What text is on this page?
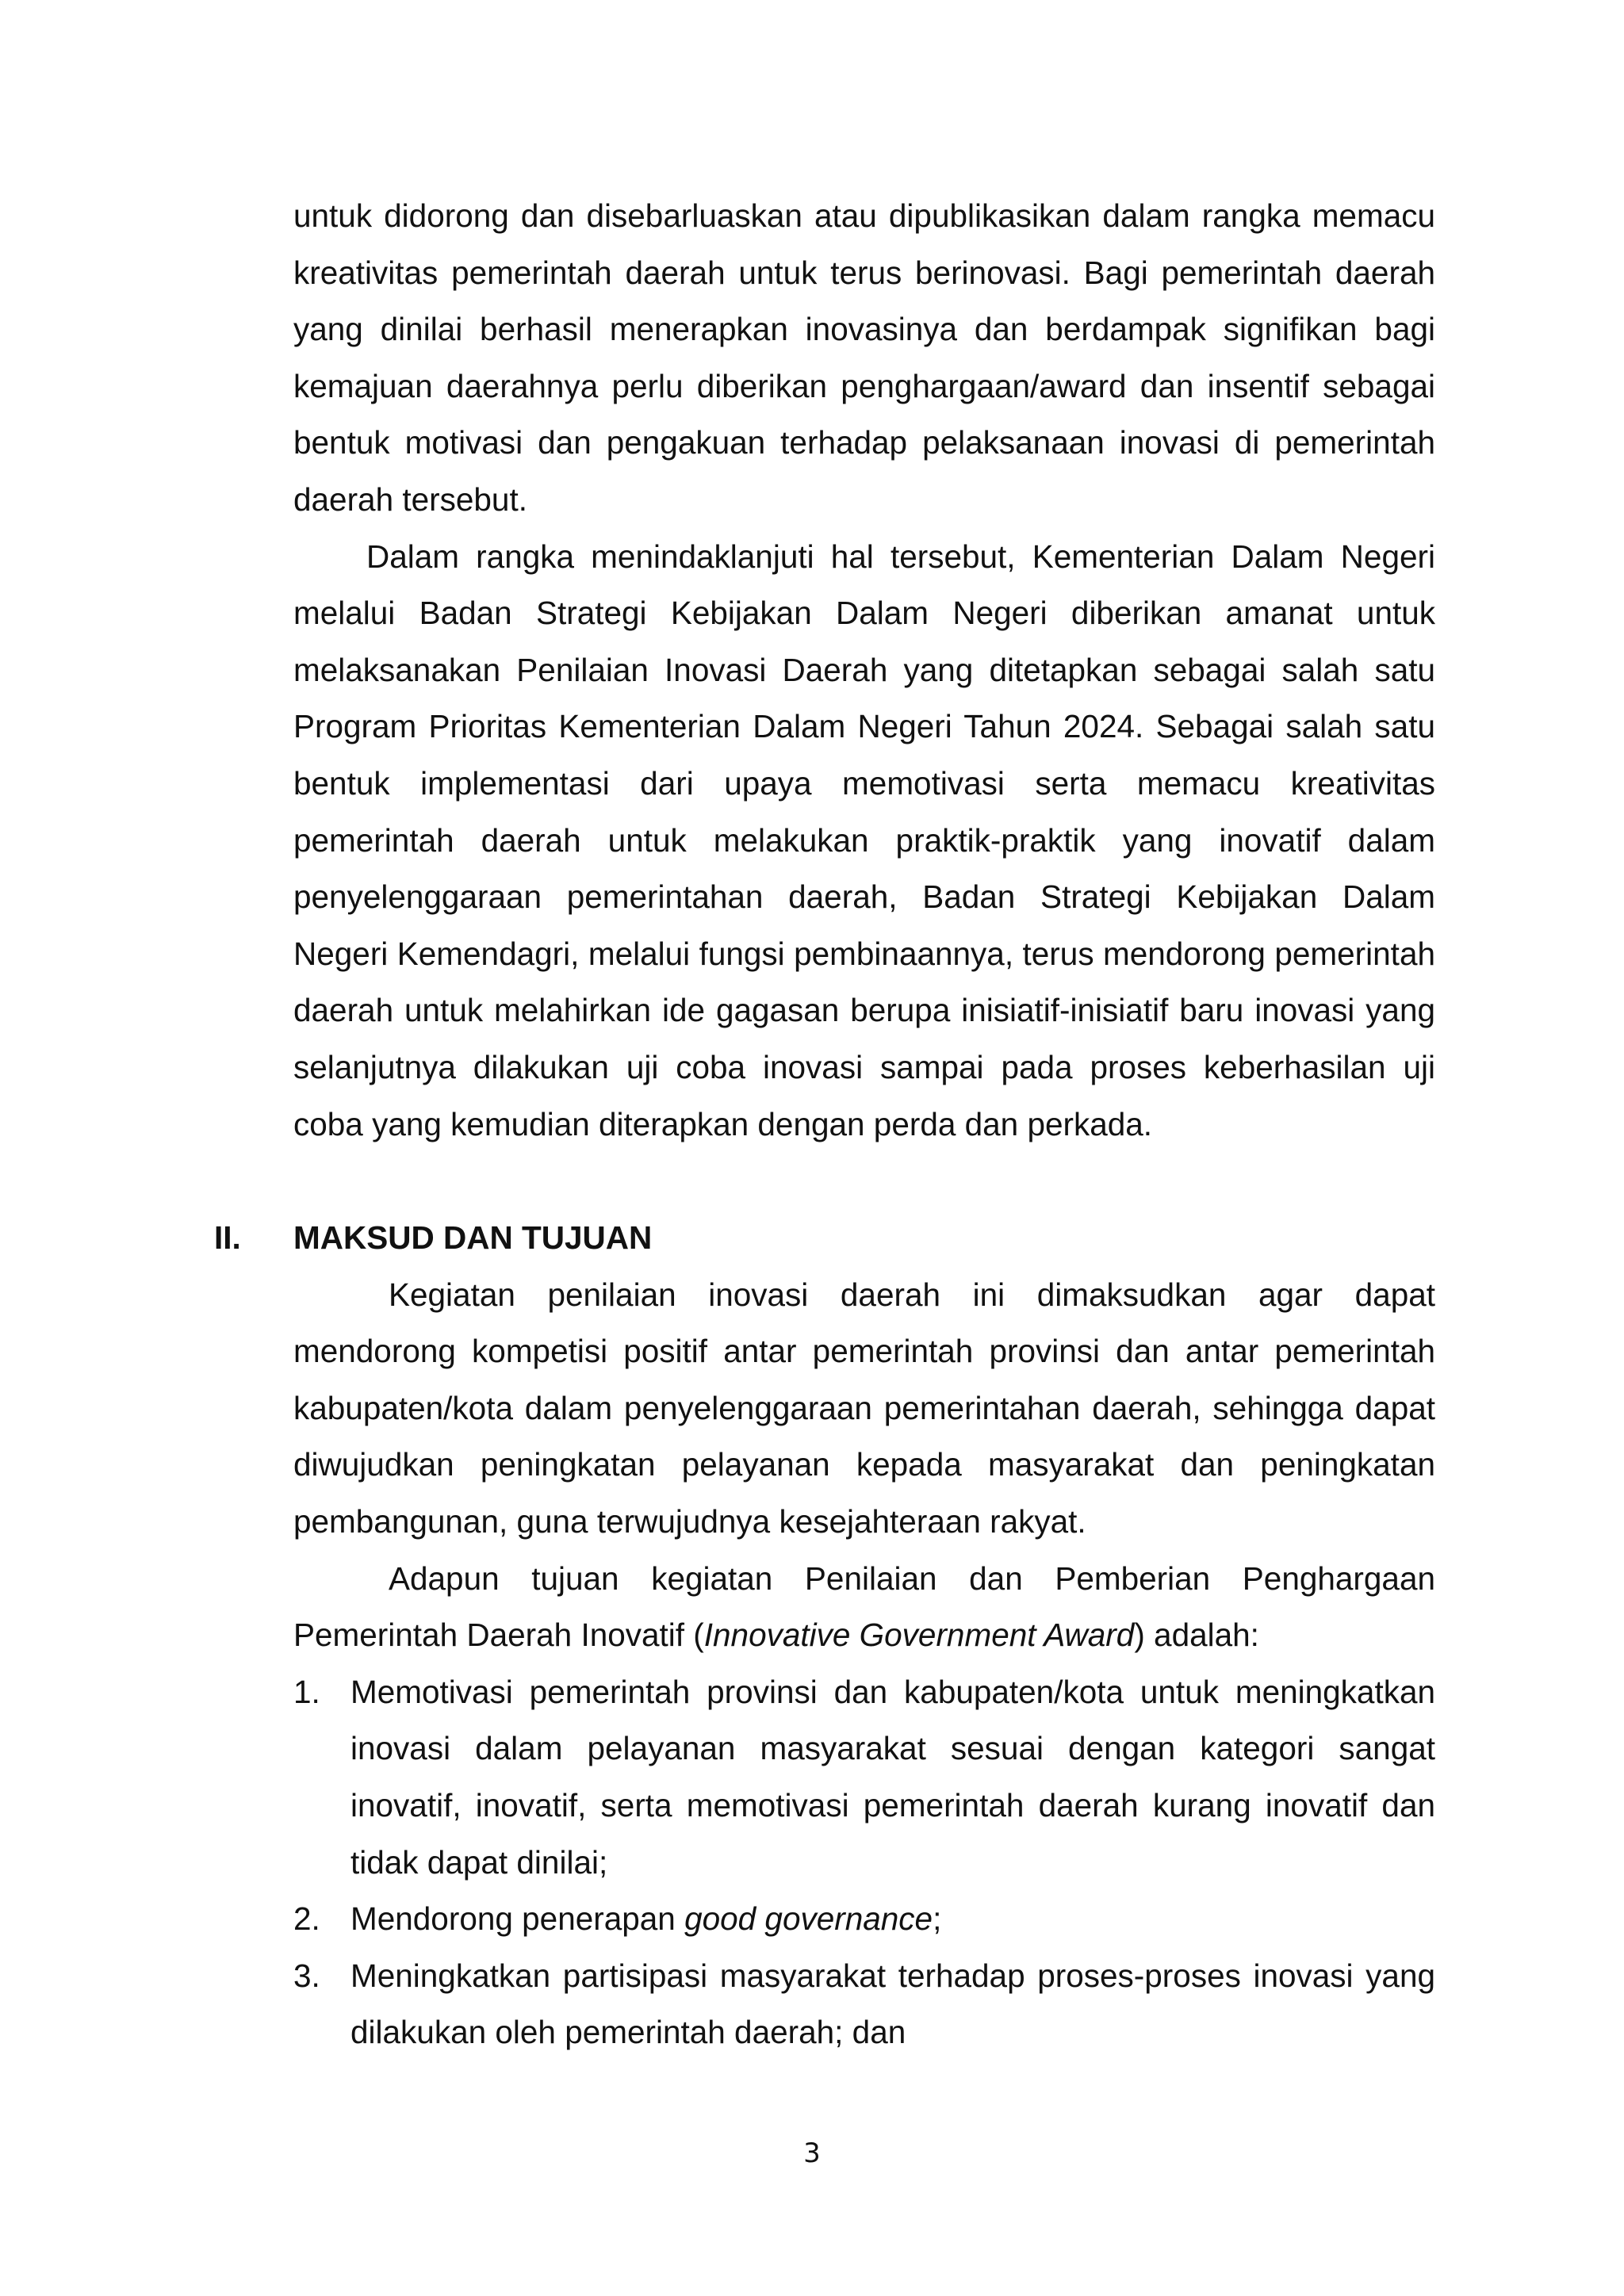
untuk didorong dan disebarluaskan atau dipublikasikan dalam rangka memacu kreativitas pemerintah daerah untuk terus berinovasi. Bagi pemerintah daerah yang dinilai berhasil menerapkan inovasinya dan berdampak signifikan bagi kemajuan daerahnya perlu diberikan penghargaan/award dan insentif sebagai bentuk motivasi dan pengakuan terhadap pelaksanaan inovasi di pemerintah daerah tersebut.

Dalam rangka menindaklanjuti hal tersebut, Kementerian Dalam Negeri melalui Badan Strategi Kebijakan Dalam Negeri diberikan amanat untuk melaksanakan Penilaian Inovasi Daerah yang ditetapkan sebagai salah satu Program Prioritas Kementerian Dalam Negeri Tahun 2024. Sebagai salah satu bentuk implementasi dari upaya memotivasi serta memacu kreativitas pemerintah daerah untuk melakukan praktik-praktik yang inovatif dalam penyelenggaraan pemerintahan daerah, Badan Strategi Kebijakan Dalam Negeri Kemendagri, melalui fungsi pembinaannya, terus mendorong pemerintah daerah untuk melahirkan ide gagasan berupa inisiatif-inisiatif baru inovasi yang selanjutnya dilakukan uji coba inovasi sampai pada proses keberhasilan uji coba yang kemudian diterapkan dengan perda dan perkada.

II. MAKSUD DAN TUJUAN

Kegiatan penilaian inovasi daerah ini dimaksudkan agar dapat mendorong kompetisi positif antar pemerintah provinsi dan antar pemerintah kabupaten/kota dalam penyelenggaraan pemerintahan daerah, sehingga dapat diwujudkan peningkatan pelayanan kepada masyarakat dan peningkatan pembangunan, guna terwujudnya kesejahteraan rakyat.

Adapun tujuan kegiatan Penilaian dan Pemberian Penghargaan Pemerintah Daerah Inovatif (Innovative Government Award) adalah:

1. Memotivasi pemerintah provinsi dan kabupaten/kota untuk meningkatkan inovasi dalam pelayanan masyarakat sesuai dengan kategori sangat inovatif, inovatif, serta memotivasi pemerintah daerah kurang inovatif dan tidak dapat dinilai;
2. Mendorong penerapan good governance;
3. Meningkatkan partisipasi masyarakat terhadap proses-proses inovasi yang dilakukan oleh pemerintah daerah; dan
3
